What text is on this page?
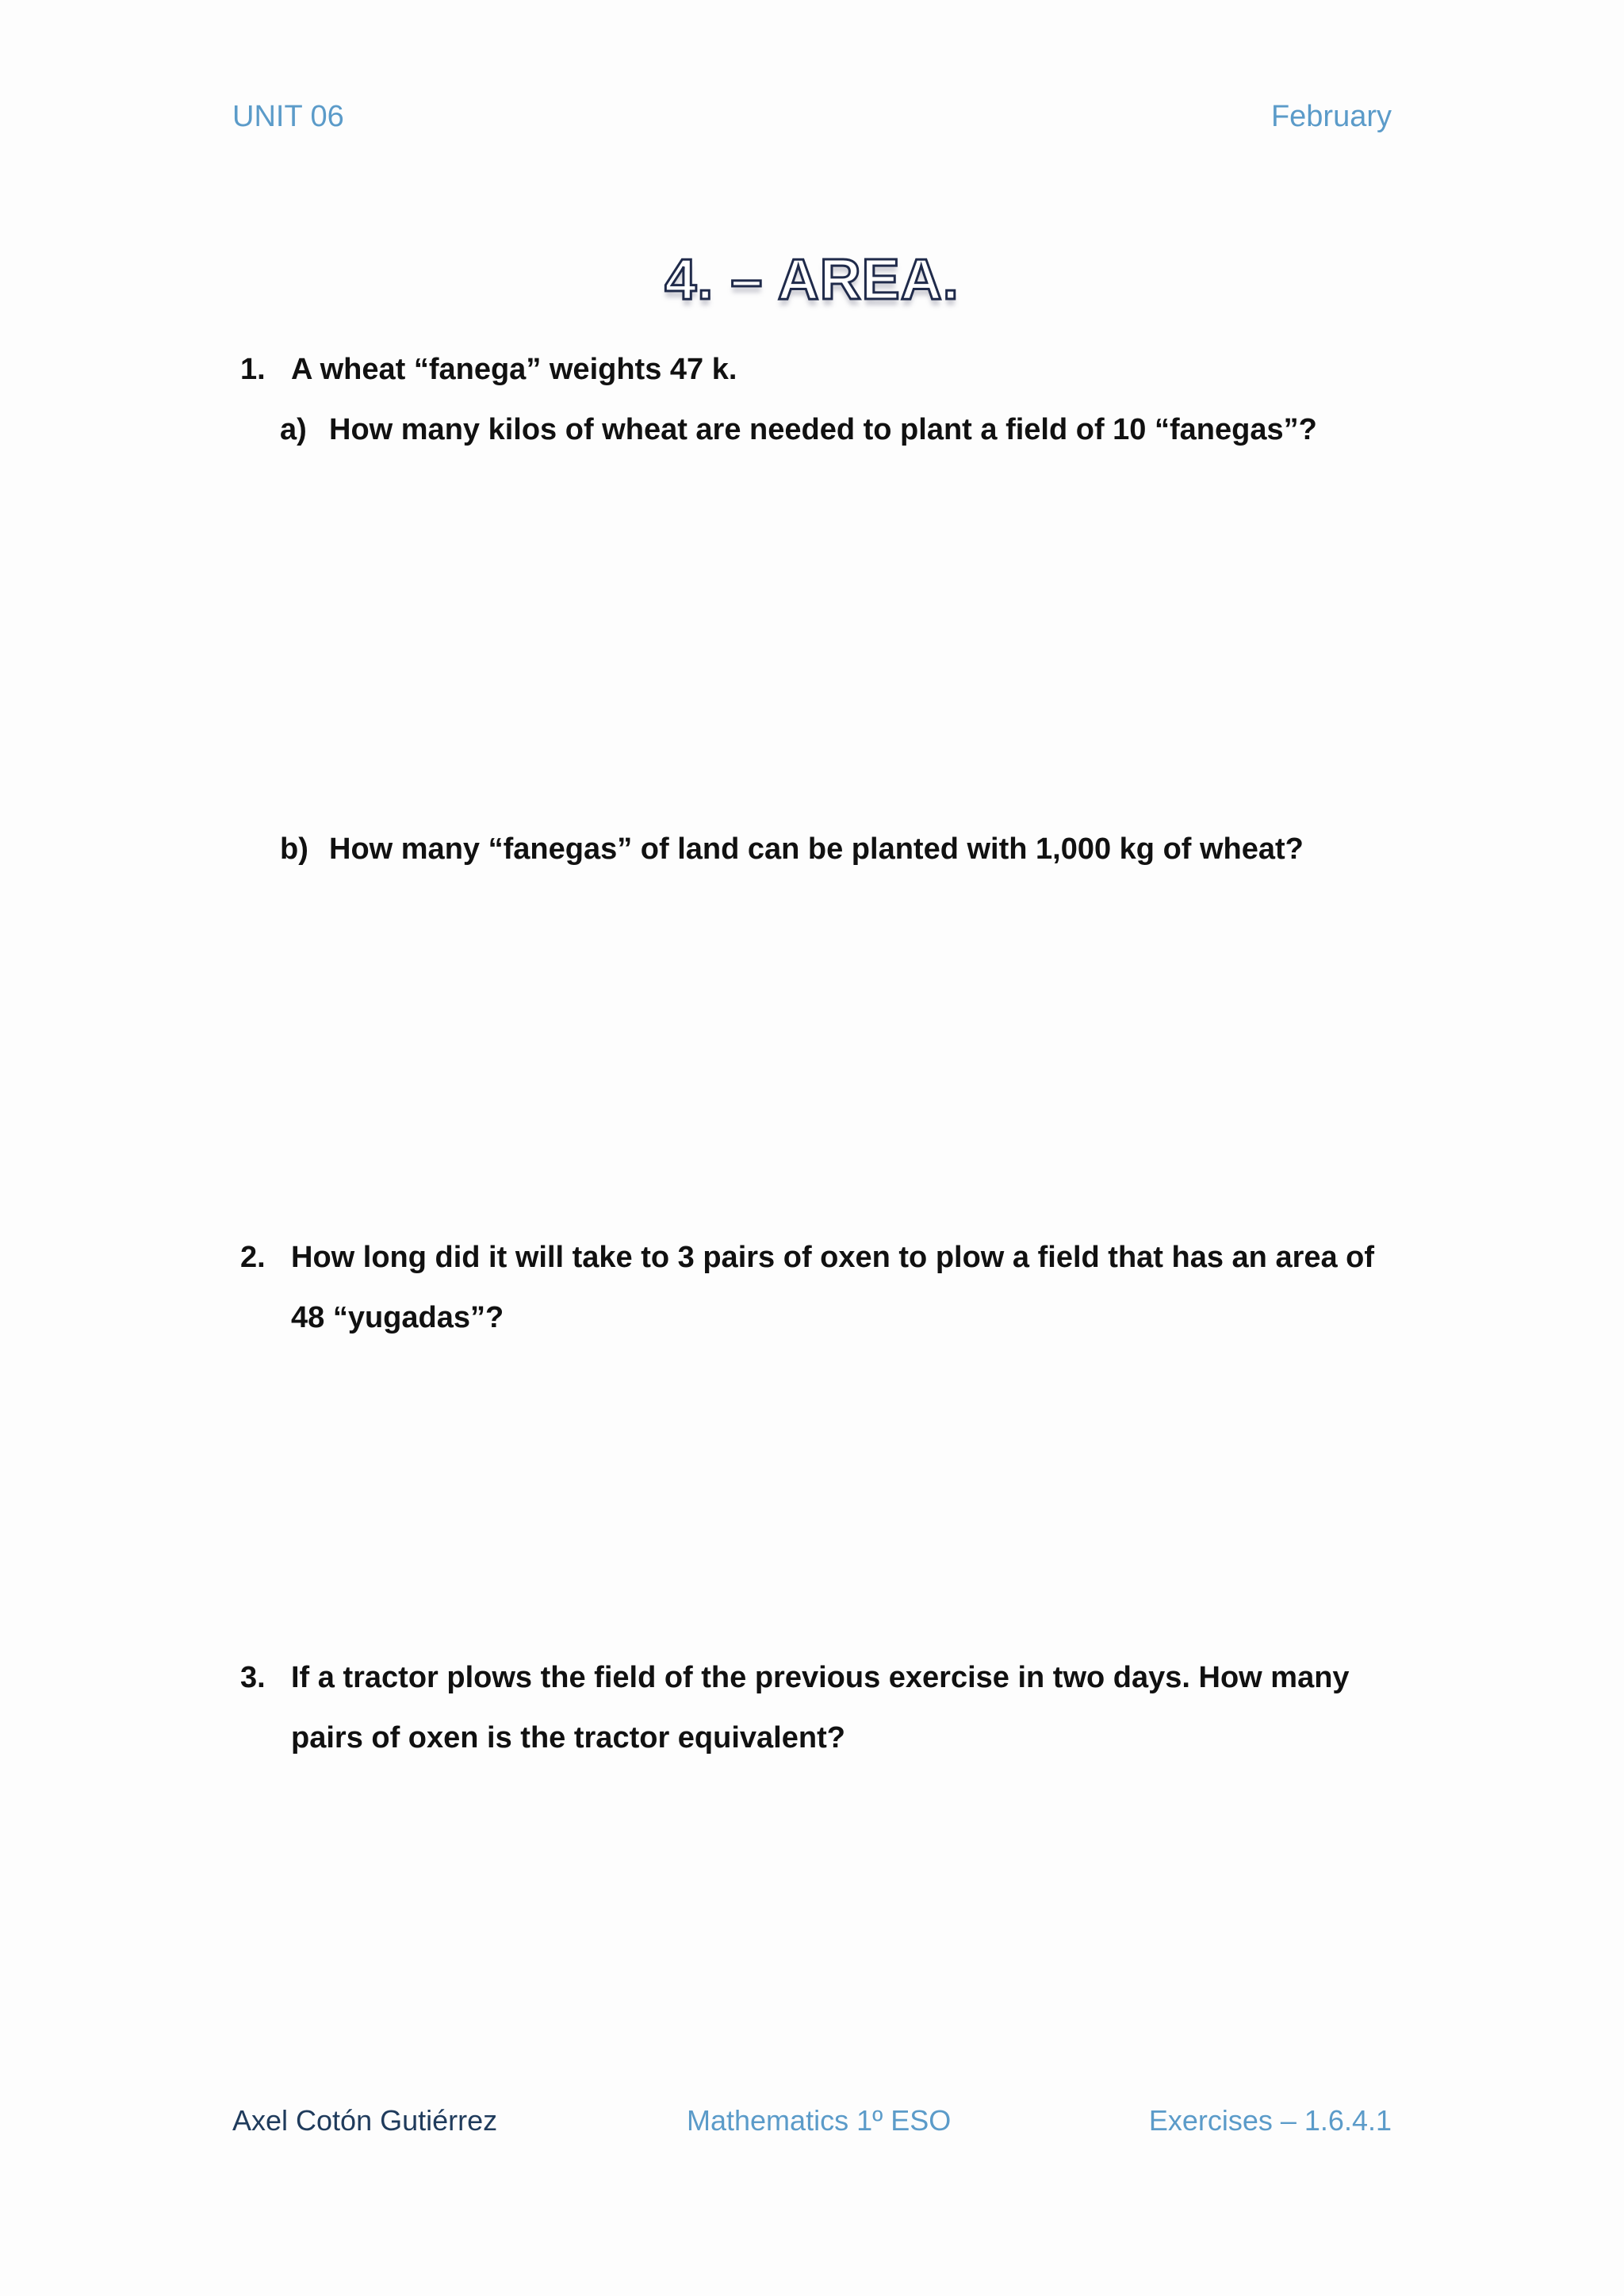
UNIT 06	February
4. – AREA.
1. A wheat “fanega” weights 47 k.
a) How many kilos of wheat are needed to plant a field of 10 “fanegas”?
b) How many “fanegas” of land can be planted with 1,000 kg of wheat?
2. How long did it will take to 3 pairs of oxen to plow a field that has an area of 48 “yugadas”?
3. If a tractor plows the field of the previous exercise in two days. How many pairs of oxen is the tractor equivalent?
Axel Cotón Gutiérrez	Mathematics 1º ESO	Exercises – 1.6.4.1
